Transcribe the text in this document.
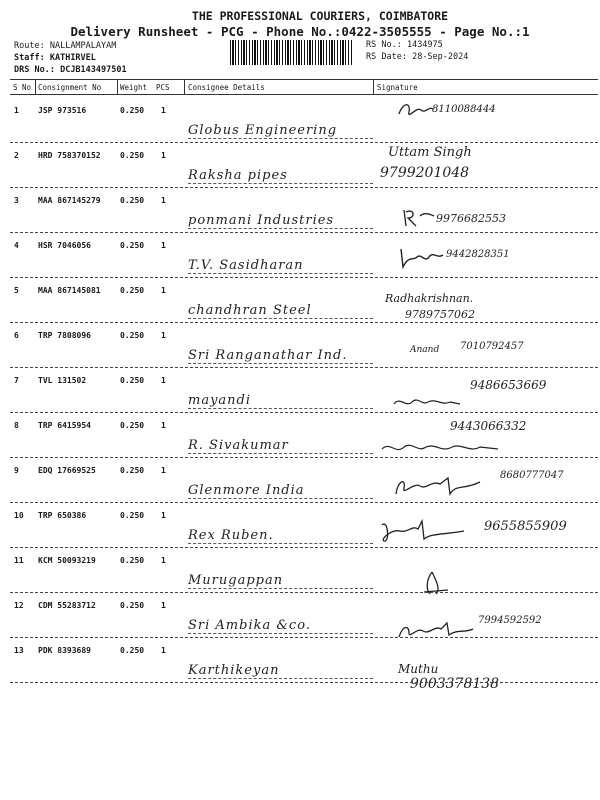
THE PROFESSIONAL COURIERS, COIMBATORE
Delivery Runsheet - PCG - Phone No.:0422-3505555 - Page No.:1
Route: NALLAMPALAYAM
Staff: KATHIRVEL
DRS No.: DCJB143497501
RS No.: 1434975
RS Date: 28-Sep-2024
S No Consignment No	Weight PCS Consignee Details	Signature
1 JSP 973516	0.250 1
Globus Engineering
8110088444
2 HRD 758370152 0.250 1
Raksha pipes
Uttam Singh
9799201048
3 MAA 867145279 0.250 1
ponmani Industries	9976682553
4 HSR 7046056	0.250 1
T.V. Sasidharan
9442828351
5 MAA 867145081 0.250 1
chandhran Steel
Radhakrishnan.
9789757062
6 TRP 7808096	0.250 1
Sri Ranganathar Ind.	Anand 7010792457
7 TVL 131502	0.250 1
mayandi
9486653669
8 TRP 6415954	0.250 1
R. Sivakumar
9443066332
9 EDQ 17669525	0.250 1
Glenmore India
8680777047
10 TRP 650386	0.250 1
Rex Ruben.
9655855909
11 KCM 50093219	0.250 1
Murugappan
12 CDM 55283712	0.250 1
Sri Ambika &co.	7994592592
13 PDK 8393689	0.250 1
Karthikeyan	Muthu
9003378138
